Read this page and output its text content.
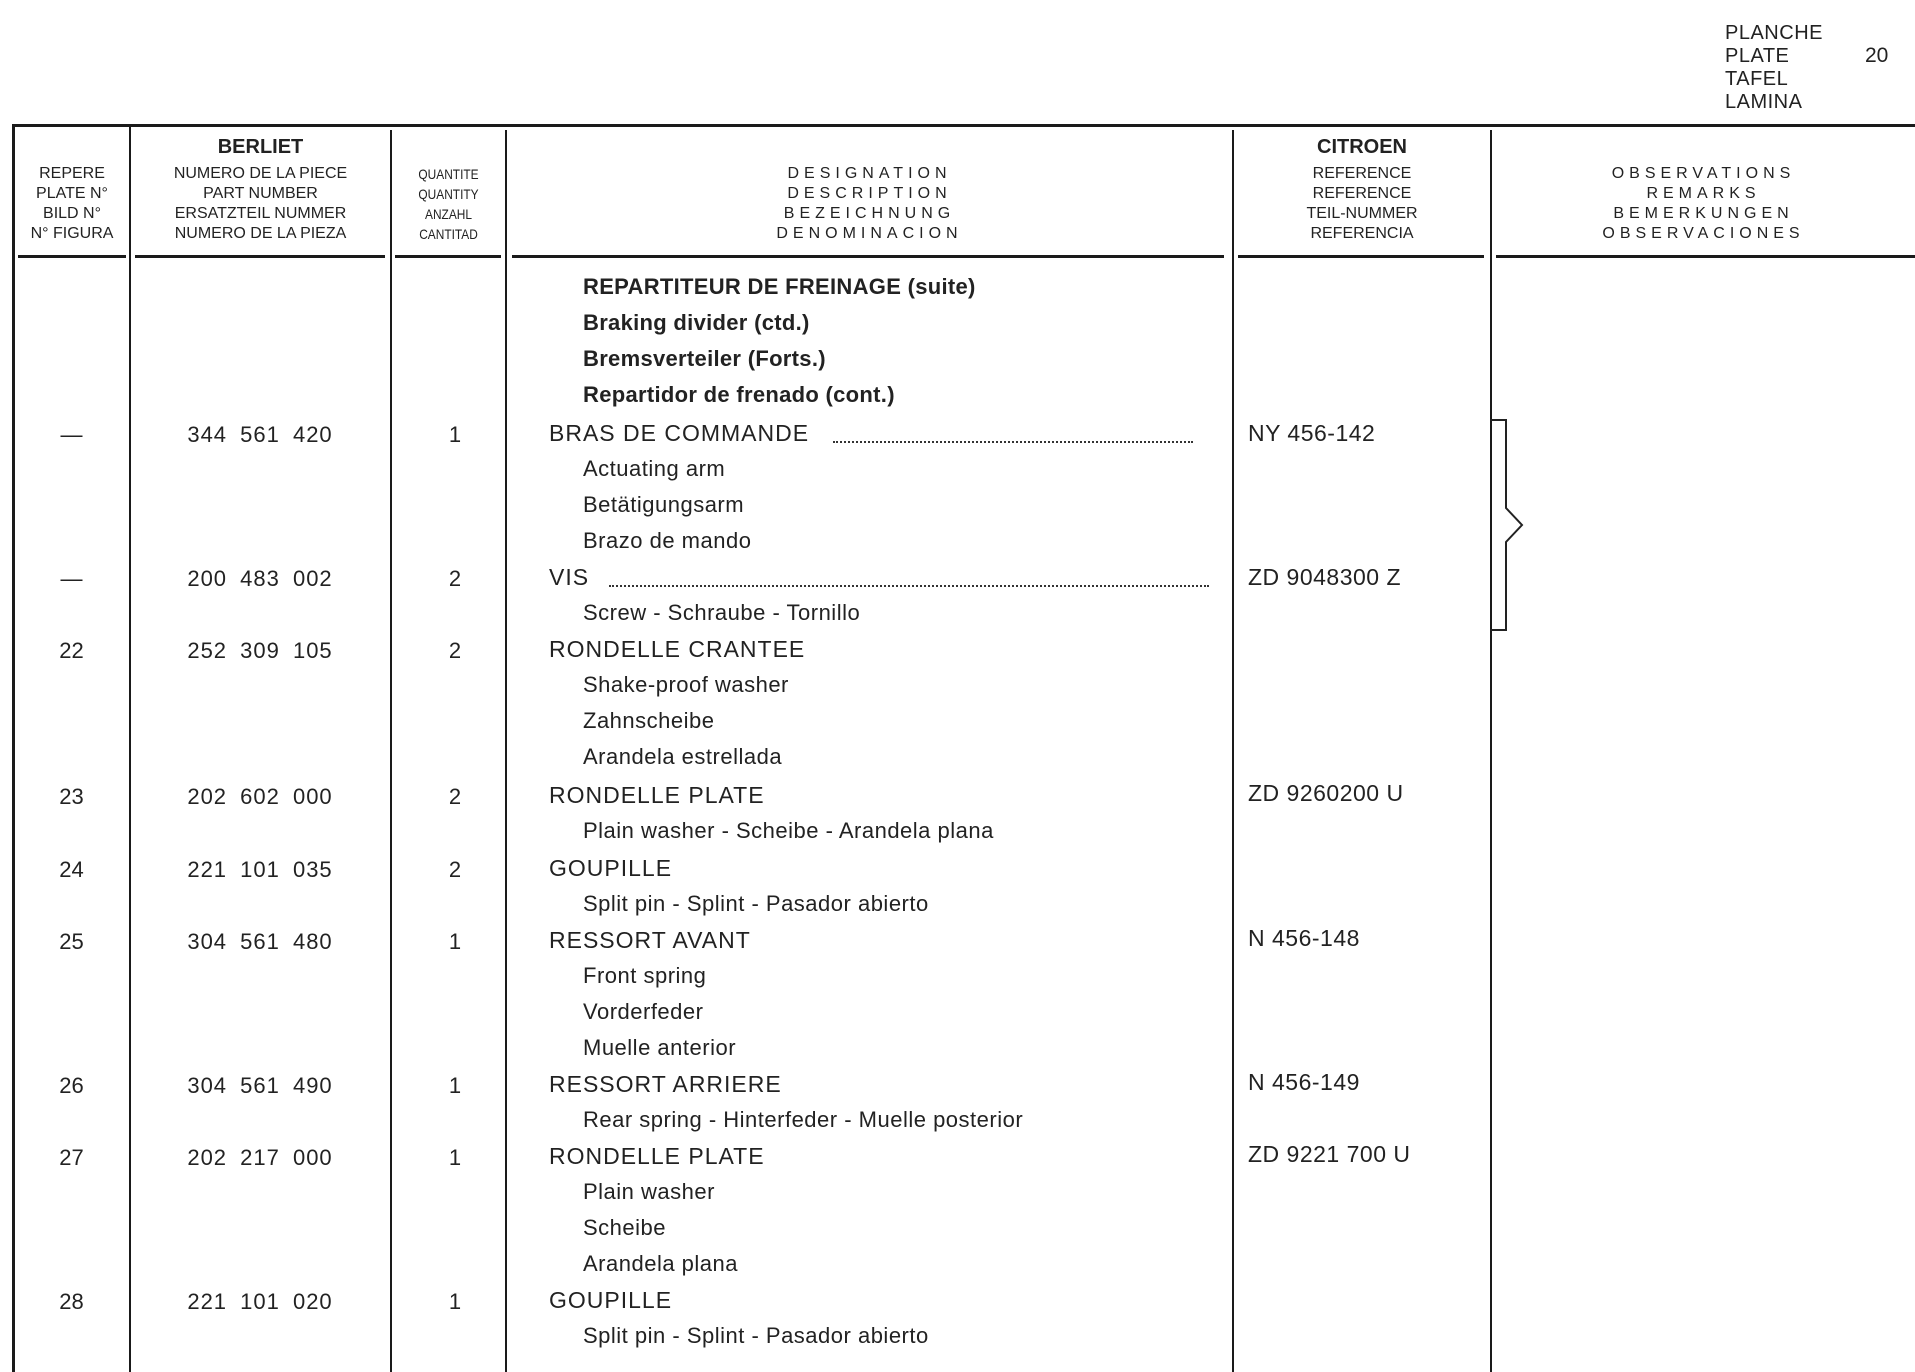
PLANCHE
PLATE
TAFEL
LAMINA
20
REPERE
PLATE N°
BILD N°
N° FIGURA
BERLIET
NUMERO DE LA PIECE
PART NUMBER
ERSATZTEIL NUMMER
NUMERO DE LA PIEZA
QUANTITE
QUANTITY
ANZAHL
CANTITAD
DESIGNATION
DESCRIPTION
BEZEICHNUNG
DENOMINACION
CITROEN
REFERENCE
REFERENCE
TEIL-NUMMER
REFERENCIA
OBSERVATIONS
REMARKS
BEMERKUNGEN
OBSERVACIONES
REPARTITEUR DE FREINAGE (suite)
Braking divider (ctd.)
Bremsverteiler (Forts.)
Repartidor de frenado (cont.)
—	344 561 420	1	BRAS DE COMMANDE	NY 456-142
Actuating arm
Betätigungsarm
Brazo de mando
—	200 483 002	2	VIS	ZD 9048300 Z
Screw - Schraube - Tornillo
22	252 309 105	2	RONDELLE CRANTEE
Shake-proof washer
Zahnscheibe
Arandela estrellada
23	202 602 000	2	RONDELLE PLATE	ZD 9260200 U
Plain washer - Scheibe - Arandela plana
24	221 101 035	2	GOUPILLE
Split pin - Splint - Pasador abierto
25	304 561 480	1	RESSORT AVANT	N 456-148
Front spring
Vorderfeder
Muelle anterior
26	304 561 490	1	RESSORT ARRIERE	N 456-149
Rear spring - Hinterfeder - Muelle posterior
27	202 217 000	1	RONDELLE PLATE	ZD 9221 700 U
Plain washer
Scheibe
Arandela plana
28	221 101 020	1	GOUPILLE
Split pin - Splint - Pasador abierto
